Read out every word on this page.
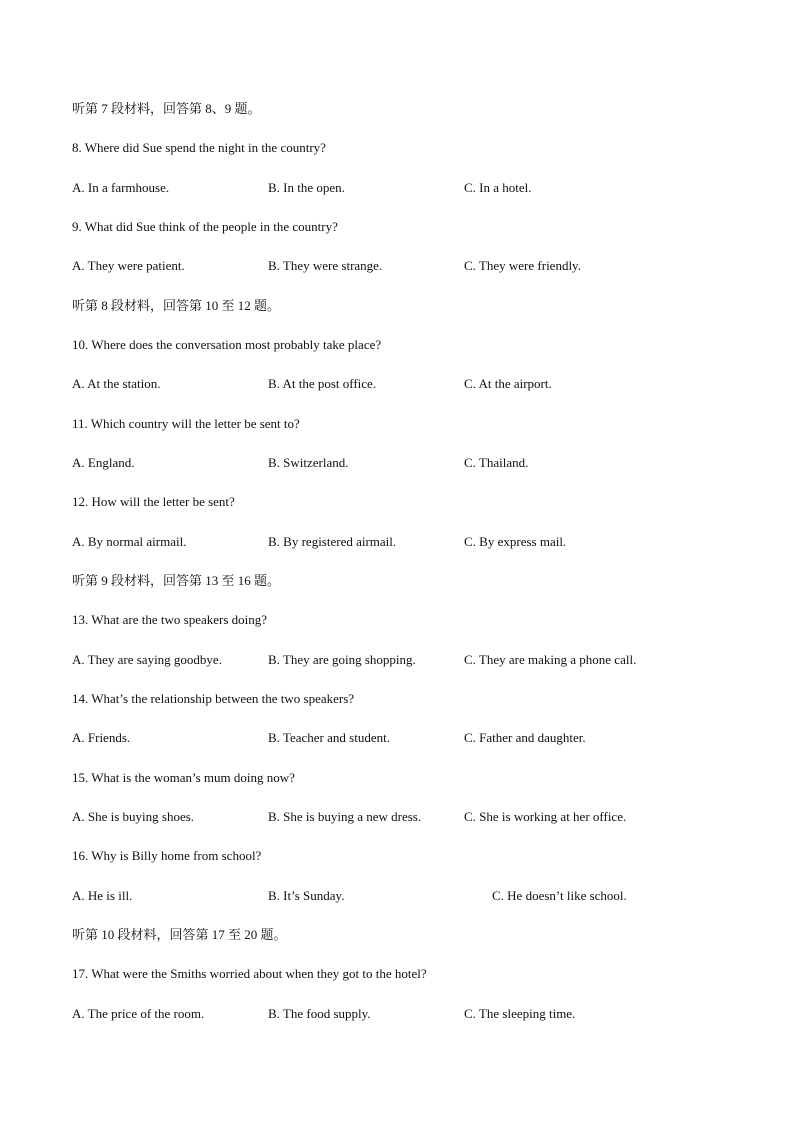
听第 7 段材料，回答第 8、9 题。
8. Where did Sue spend the night in the country?
A. In a farmhouse.	B. In the open.	C. In a hotel.
9. What did Sue think of the people in the country?
A. They were patient.	B. They were strange.	C. They were friendly.
听第 8 段材料，回答第 10 至 12 题。
10. Where does the conversation most probably take place?
A. At the station.	B. At the post office.	C. At the airport.
11. Which country will the letter be sent to?
A. England.	B. Switzerland.	C. Thailand.
12. How will the letter be sent?
A. By normal airmail.	B. By registered airmail.	C. By express mail.
听第 9 段材料，回答第 13 至 16 题。
13. What are the two speakers doing?
A. They are saying goodbye.	B. They are going shopping.	C. They are making a phone call.
14. What’s the relationship between the two speakers?
A. Friends.	B. Teacher and student.	C. Father and daughter.
15. What is the woman’s mum doing now?
A. She is buying shoes.	B. She is buying a new dress.	C. She is working at her office.
16. Why is Billy home from school?
A. He is ill.	B. It’s Sunday.	C. He doesn’t like school.
听第 10 段材料，回答第 17 至 20 题。
17. What were the Smiths worried about when they got to the hotel?
A. The price of the room.	B. The food supply.	C. The sleeping time.
